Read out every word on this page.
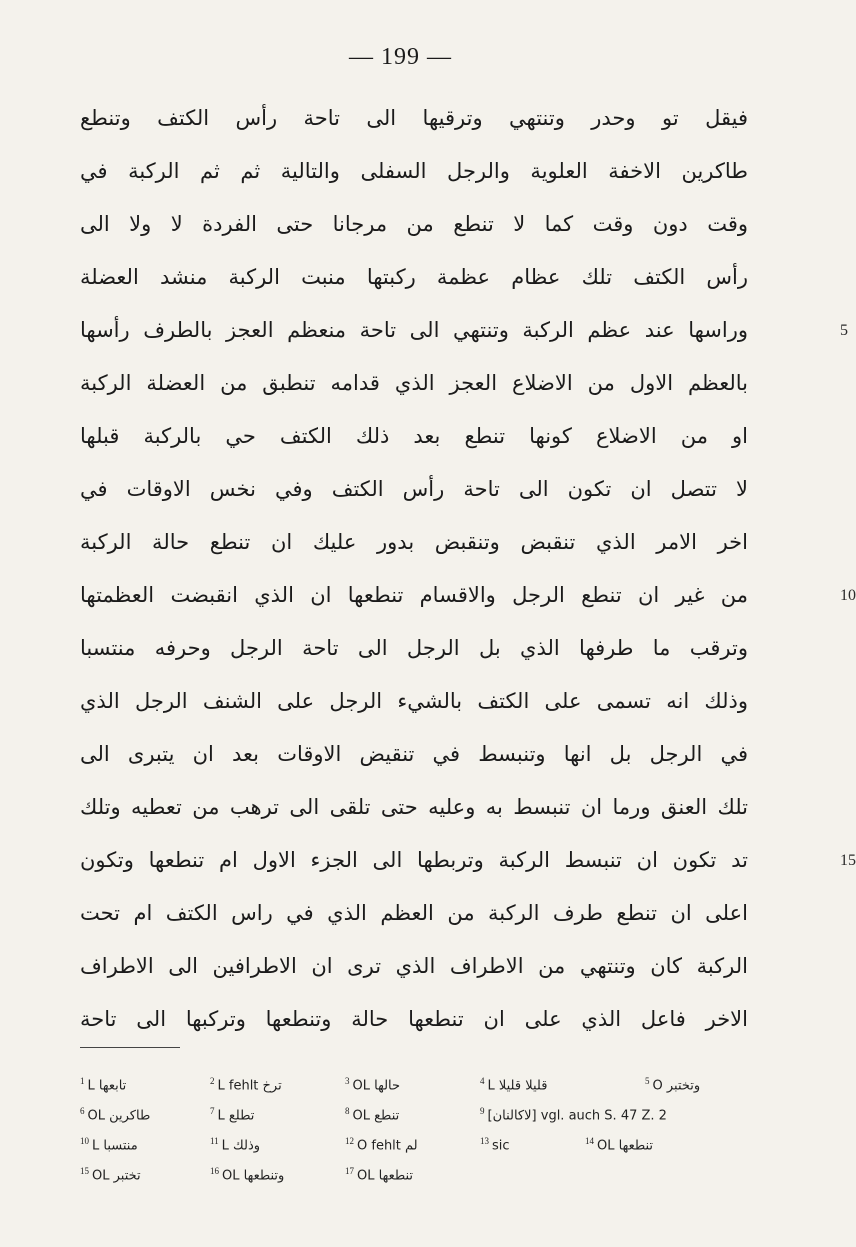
— 199 —
فيقل تو وحدر وتنتهي وترقيها الى تاحة رأس الكتف وتنطع
طاكرين الاخفة العلوية والرجل السفلى والتالية ثم ثم الركبة في
وقت دون وقت كما لا تنطع من مرجانا حتى الفردة لا ولا الى
رأس الكتف تلك عظام عظمة ركبتها منبت الركبة منشد العضلة
وراسها عند عظم الركبة وتنتهي الى تاحة منعظم العجز بالطرف رأسها	5
بالعظم الاول من الاضلاع العجز الذي قدامه تنطبق من العضلة الركبة
او من الاضلاع كونها تنطع بعد ذلك الكتف حي بالركبة قبلها
لا تتصل ان تكون الى تاحة رأس الكتف وفي نخس الاوقات في
اخر الامر الذي تنقبض وتنقبض بدور عليك ان تنطع حالة الركبة
من غير ان تنطع الرجل والاقسام تنطعها ان الذي انقبضت العظمتها	10
وترقب ما طرفها الذي بل الرجل الى تاحة الرجل وحرفه منتسبا
وذلك انه تسمى على الكتف بالشيء الرجل على الشنف الرجل الذي
في الرجل بل انها وتنبسط في تنقيض الاوقات بعد ان يتبرى الى
تلك العنق ورما ان تنبسط به وعليه حتى تلقى الى ترهب من تعطيه وتلك
تد تكون ان تنبسط الركبة وتربطها الى الجزء الاول ام تنطعها وتكون	15
اعلى ان تنطع طرف الركبة من العظم الذي في راس الكتف ام تحت
الركبة كان وتنتهي من الاطراف الذي ترى ان الاطرافين الى الاطراف
الاخر فاعل الذي على ان تنطعها حالة وتنطعها وتركبها الى تاحة
$^1$ L تابعها	$^2$ L fehlt ترخ	$^3$ OL حالها	$^4$ L قليلا قليلا	$^5$ O وتختبر
$^6$ OL طاكرين	$^7$ L تطلع	$^8$ OL تنطع	$^9$ [لاكالنان] vgl. auch S. 47 Z. 2
$^{10}$ L منتسبا	$^{11}$ L وذلك	$^{12}$ O fehlt لم	$^{13}$ sic	$^{14}$ OL تنطعها
$^{15}$ OL تختبر	$^{16}$ OL وتنطعها	$^{17}$ OL تنطعها
